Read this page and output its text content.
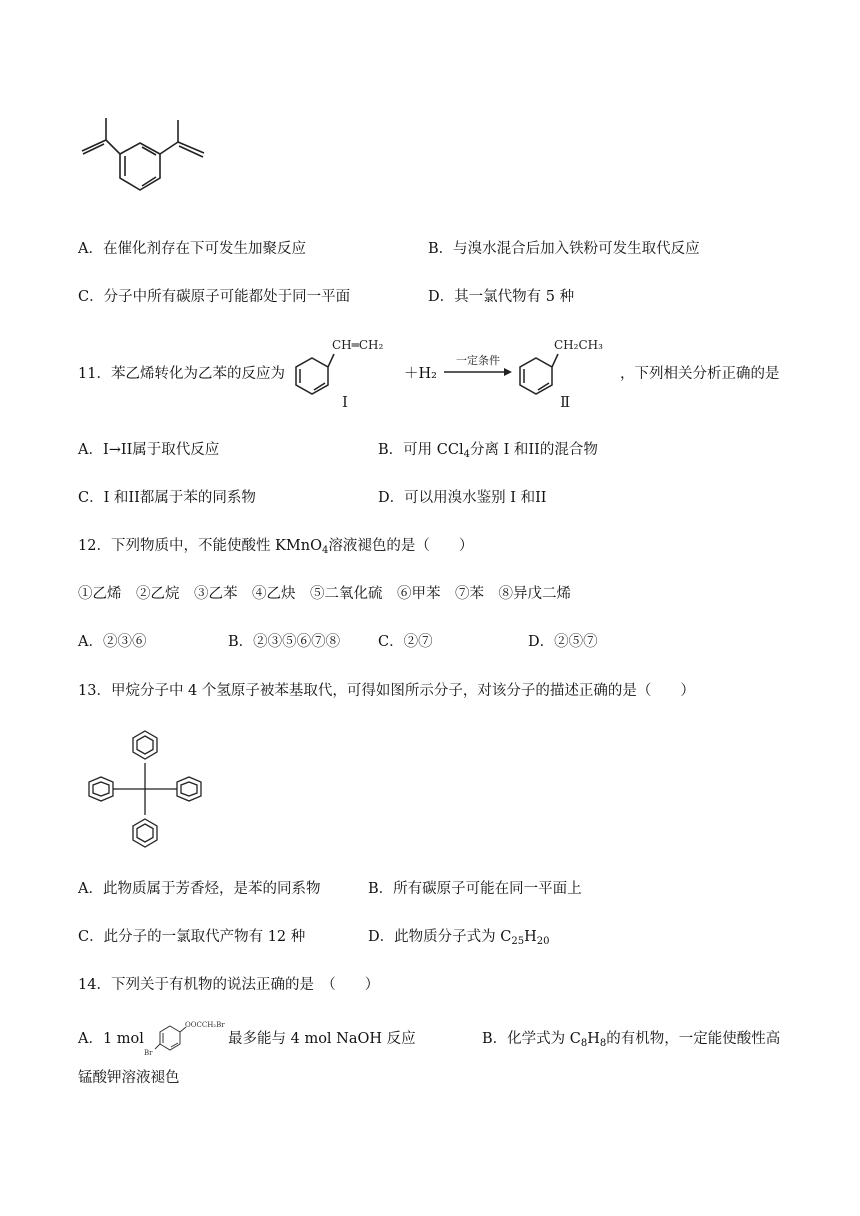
A．在催化剂存在下可发生加聚反应	B．与溴水混合后加入铁粉可发生取代反应
C．分子中所有碳原子可能都处于同一平面	D．其一氯代物有 5 种
11．苯乙烯转化为乙苯的反应为
CH═CH₂
Ⅰ
＋H₂
一定条件
CH₂CH₃
Ⅱ
，下列相关分析正确的是
A．I→II属于取代反应	B．可用 CCl$_4$分离 I 和II的混合物
C．I 和II都属于苯的同系物	D．可以用溴水鉴别 I 和II
12．下列物质中，不能使酸性 KMnO$_4$溶液褪色的是（　　）
①乙烯　②乙烷　③乙苯　④乙炔　⑤二氧化硫　⑥甲苯　⑦苯　⑧异戊二烯
A．②③⑥	B．②③⑤⑥⑦⑧	C．②⑦	D．②⑤⑦
13．甲烷分子中 4 个氢原子被苯基取代，可得如图所示分子，对该分子的描述正确的是（　　）
A．此物质属于芳香烃，是苯的同系物	B．所有碳原子可能在同一平面上
C．此分子的一氯取代产物有 12 种	D．此物质分子式为 $C_{25}H_{20}$
14．下列关于有机物的说法正确的是　（　　）
A．1 mol
OOCCH₂Br
Br
最多能与 4 mol NaOH 反应	B．化学式为 $C_8H_8$的有机物，一定能使酸性高
锰酸钾溶液褪色
